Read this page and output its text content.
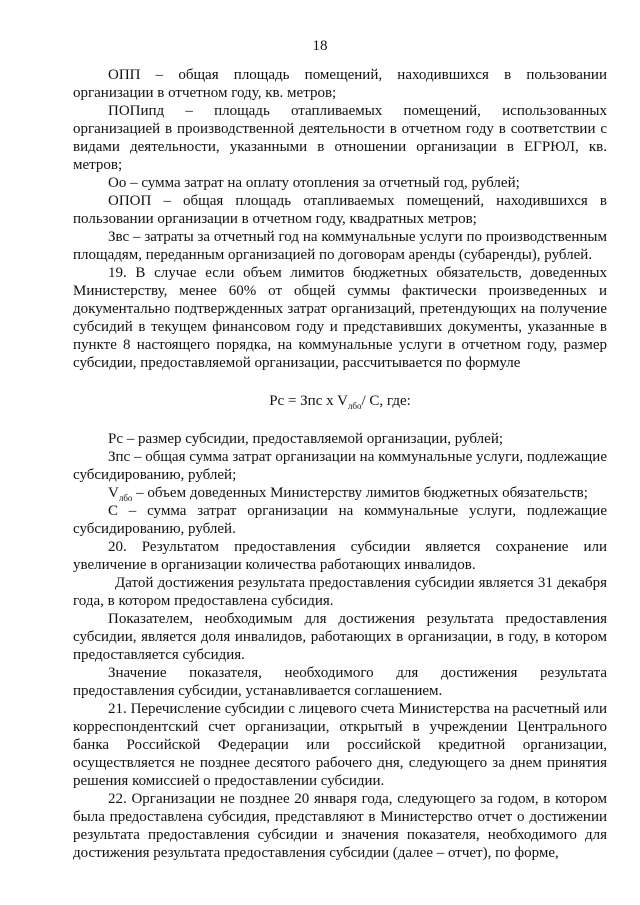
18

ОПП – общая площадь помещений, находившихся в пользовании организации в отчетном году, кв. метров;

ПОПипд – площадь отапливаемых помещений, использованных организацией в производственной деятельности в отчетном году в соответствии с видами деятельности, указанными в отношении организации в ЕГРЮЛ, кв. метров;

Оо – сумма затрат на оплату отопления за отчетный год, рублей;

ОПОП – общая площадь отапливаемых помещений, находившихся в пользовании организации в отчетном году, квадратных метров;

Звс – затраты за отчетный год на коммунальные услуги по производственным площадям, переданным организацией по договорам аренды (субаренды), рублей.

19. В случае если объем лимитов бюджетных обязательств, доведенных Министерству, менее 60% от общей суммы фактически произведенных и документально подтвержденных затрат организаций, претендующих на получение субсидий в текущем финансовом году и представивших документы, указанные в пункте 8 настоящего порядка, на коммунальные услуги в отчетном году, размер субсидии, предоставляемой организации, рассчитывается по формуле

Рс = Зпс x $V_{лбо}/$ С, где:

Рс – размер субсидии, предоставляемой организации, рублей;

Зпс – общая сумма затрат организации на коммунальные услуги, подлежащие субсидированию, рублей;

$V_{лбо}$ – объем доведенных Министерству лимитов бюджетных обязательств;

С – сумма затрат организации на коммунальные услуги, подлежащие субсидированию, рублей.

20. Результатом предоставления субсидии является сохранение или увеличение в организации количества работающих инвалидов.

Датой достижения результата предоставления субсидии является 31 декабря года, в котором предоставлена субсидия.

Показателем, необходимым для достижения результата предоставления субсидии, является доля инвалидов, работающих в организации, в году, в котором предоставляется субсидия.

Значение показателя, необходимого для достижения результата предоставления субсидии, устанавливается соглашением.

21. Перечисление субсидии с лицевого счета Министерства на расчетный или корреспондентский счет организации, открытый в учреждении Центрального банка Российской Федерации или российской кредитной организации, осуществляется не позднее десятого рабочего дня, следующего за днем принятия решения комиссией о предоставлении субсидии.

22. Организации не позднее 20 января года, следующего за годом, в котором была предоставлена субсидия, представляют в Министерство отчет о достижении результата предоставления субсидии и значения показателя, необходимого для достижения результата предоставления субсидии (далее – отчет), по форме,
